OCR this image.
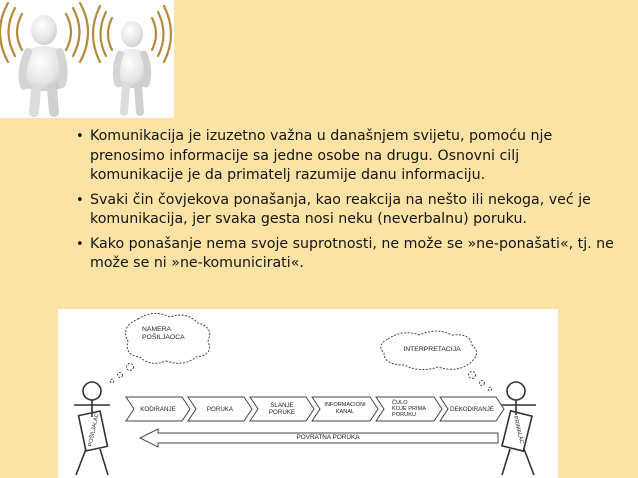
• Komunikacija je izuzetno važna u današnjem svijetu, pomoću nje prenosimo informacije sa jedne osobe na drugu. Osnovni cilj komunikacije je da primatelj razumije danu informaciju.
• Svaki čin čovjekova ponašanja, kao reakcija na nešto ili nekoga, već je komunikacija, jer svaka gesta nosi neku (neverbalnu) poruku.
• Kako ponašanje nema svoje suprotnosti, ne može se »ne-ponašati«, tj. ne može se ni »ne-komunicirati«.
NAMERA
POŠILJAOCA
INTERPRETACIJA
KODIRANJE	PORUKA	SLANJE
PORUKE
INFORMACIONI
KANAL
ČULO
KOJE PRIMA
PORUKU
DEKODIRANJE
POVRATNA PORUKA
POŠILJALAC	PRIMALAC
